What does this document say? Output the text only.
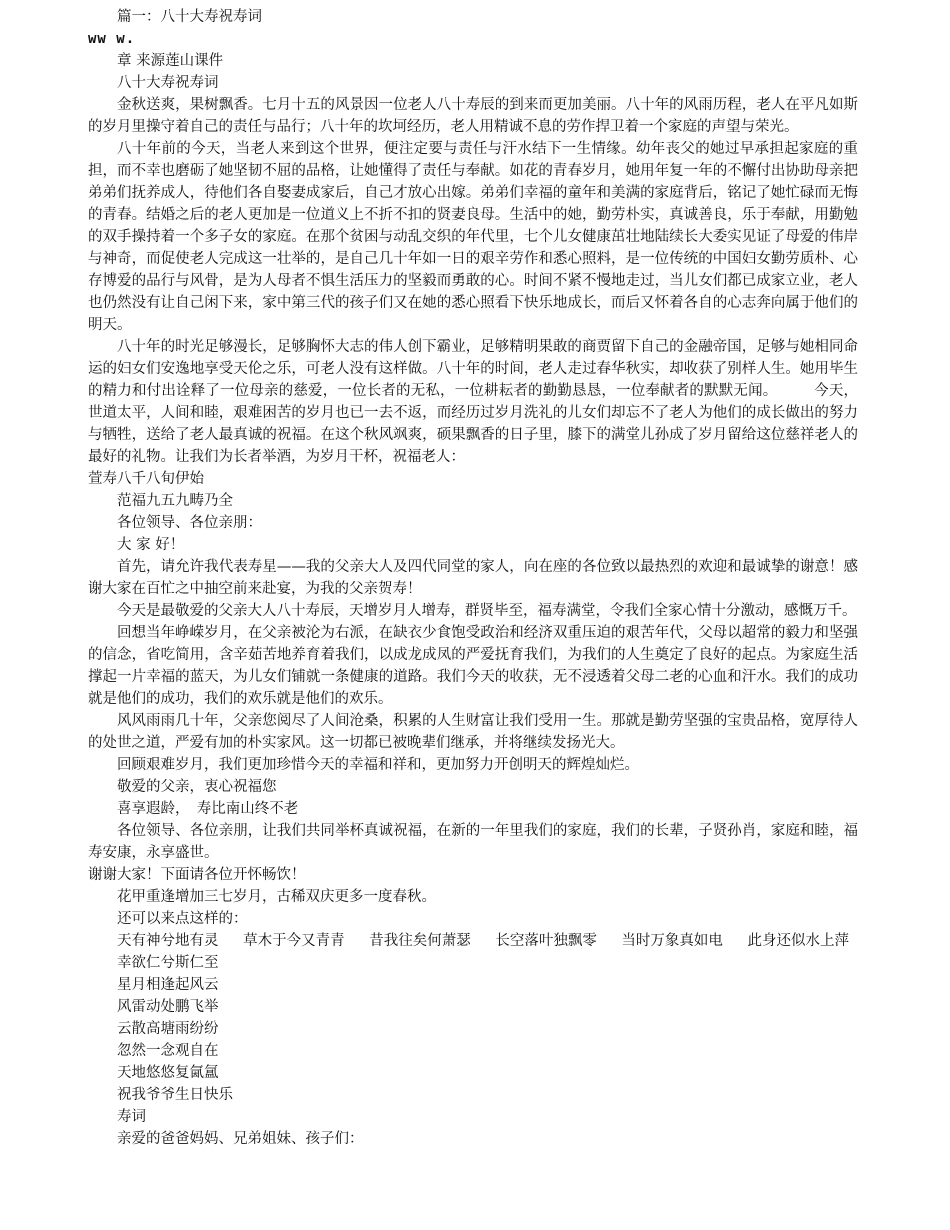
篇一：八十大寿祝寿词

ww w.

章 来源莲山课件

八十大寿祝寿词

金秋送爽，果树飘香。七月十五的风景因一位老人八十寿辰的到来而更加美丽。八十年的风雨历程，老人在平凡如斯的岁月里操守着自己的责任与品行；八十年的坎坷经历，老人用精诚不息的劳作捍卫着一个家庭的声望与荣光。

八十年前的今天，当老人来到这个世界，便注定要与责任与汗水结下一生情缘。幼年丧父的她过早承担起家庭的重担，而不幸也磨砺了她坚韧不屈的品格，让她懂得了责任与奉献。如花的青春岁月，她用年复一年的不懈付出协助母亲把弟弟们抚养成人，待他们各自娶妻成家后，自己才放心出嫁。弟弟们幸福的童年和美满的家庭背后，铭记了她忙碌而无悔的青春。结婚之后的老人更加是一位道义上不折不扣的贤妻良母。生活中的她，勤劳朴实，真诚善良，乐于奉献，用勤勉的双手操持着一个多子女的家庭。在那个贫困与动乱交织的年代里，七个儿女健康茁壮地陆续长大委实见证了母爱的伟岸与神奇，而促使老人完成这一壮举的，是自己几十年如一日的艰辛劳作和悉心照料，是一位传统的中国妇女勤劳质朴、心存博爱的品行与风骨，是为人母者不惧生活压力的坚毅而勇敢的心。时间不紧不慢地走过，当儿女们都已成家立业，老人也仍然没有让自己闲下来，家中第三代的孩子们又在她的悉心照看下快乐地成长，而后又怀着各自的心志奔向属于他们的明天。

八十年的时光足够漫长，足够胸怀大志的伟人创下霸业，足够精明果敢的商贾留下自己的金融帝国，足够与她相同命运的妇女们安逸地享受天伦之乐，可老人没有这样做。八十年的时间，老人走过春华秋实，却收获了别样人生。她用毕生的精力和付出诠释了一位母亲的慈爱，一位长者的无私，一位耕耘者的勤勤恳恳，一位奉献者的默默无闻。　　　今天，世道太平，人间和睦，艰难困苦的岁月也已一去不返，而经历过岁月洗礼的儿女们却忘不了老人为他们的成长做出的努力与牺牲，送给了老人最真诚的祝福。在这个秋风飒爽，硕果飘香的日子里，膝下的满堂儿孙成了岁月留给这位慈祥老人的最好的礼物。让我们为长者举酒，为岁月干杯，祝福老人：

萱寿八千八旬伊始

范福九五九畴乃全

各位领导、各位亲朋：

大 家 好！

首先，请允许我代表寿星——我的父亲大人及四代同堂的家人，向在座的各位致以最热烈的欢迎和最诚挚的谢意！感谢大家在百忙之中抽空前来赴宴，为我的父亲贺寿！

今天是最敬爱的父亲大人八十寿辰，天增岁月人增寿，群贤毕至，福寿满堂，令我们全家心情十分激动，感慨万千。

回想当年峥嵘岁月，在父亲被沦为右派，在缺衣少食饱受政治和经济双重压迫的艰苦年代，父母以超常的毅力和坚强的信念，省吃简用，含辛茹苦地养育着我们，以成龙成凤的严爱抚育我们，为我们的人生奠定了良好的起点。为家庭生活撑起一片幸福的蓝天，为儿女们铺就一条健康的道路。我们今天的收获，无不浸透着父母二老的心血和汗水。我们的成功就是他们的成功，我们的欢乐就是他们的欢乐。

风风雨雨几十年，父亲您阅尽了人间沧桑，积累的人生财富让我们受用一生。那就是勤劳坚强的宝贵品格，宽厚待人的处世之道，严爱有加的朴实家风。这一切都已被晚辈们继承，并将继续发扬光大。

回顾艰难岁月，我们更加珍惜今天的幸福和祥和，更加努力开创明天的辉煌灿烂。

敬爱的父亲，衷心祝福您

喜享遐龄，　寿比南山终不老

各位领导、各位亲朋，让我们共同举杯真诚祝福，在新的一年里我们的家庭，我们的长辈，子贤孙肖，家庭和睦，福寿安康，永享盛世。

谢谢大家！下面请各位开怀畅饮！

花甲重逢增加三七岁月，古稀双庆更多一度春秋。

还可以来点这样的：

天有神兮地有灵 草木于今又青青 昔我往矣何萧瑟 长空落叶独飘零 当时万象真如电 此身还似水上萍

幸欲仁兮斯仁至

星月相逢起风云

风雷动处鹏飞举

云散高塘雨纷纷

忽然一念观自在

天地悠悠复氤氲

祝我爷爷生日快乐

寿词

亲爱的爸爸妈妈、兄弟姐妹、孩子们：
